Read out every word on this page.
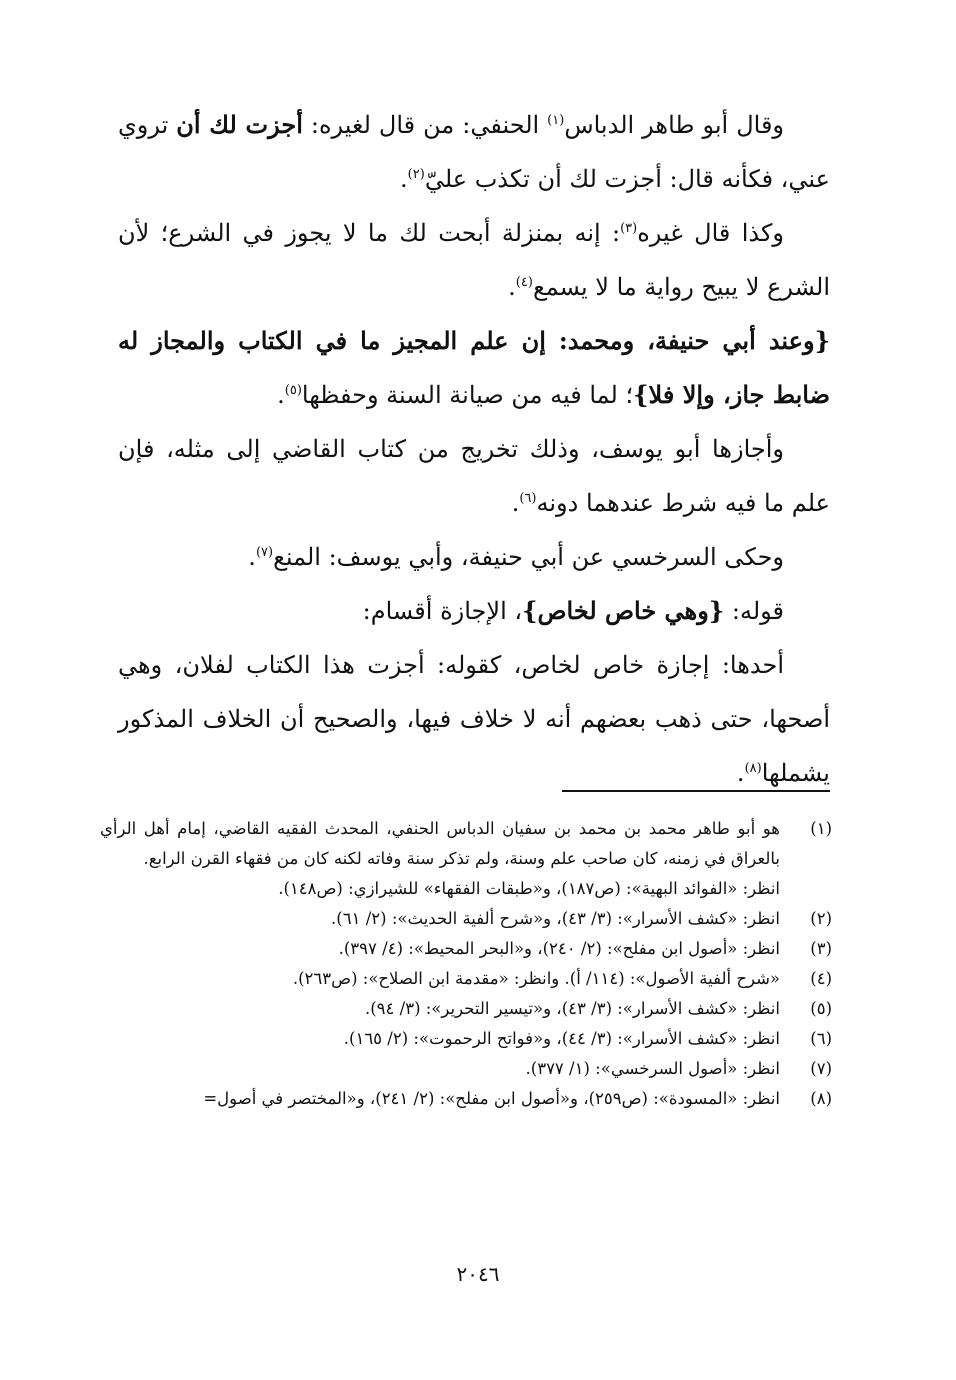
وقال أبو طاهر الدباس$^{(١)}$ الحنفي: من قال لغيره: أجزت لك أن تروي عني، فكأنه قال: أجزت لك أن تكذب عليّ$^{(٢)}$.

وكذا قال غيره$^{(٣)}$: إنه بمنزلة أبحت لك ما لا يجوز في الشرع؛ لأن الشرع لا يبيح رواية ما لا يسمع$^{(٤)}$.

{وعند أبي حنيفة، ومحمد: إن علم المجيز ما في الكتاب والمجاز له ضابط جاز، وإلا فلا}؛ لما فيه من صيانة السنة وحفظها$^{(٥)}$.

وأجازها أبو يوسف، وذلك تخريج من كتاب القاضي إلى مثله، فإن علم ما فيه شرط عندهما دونه$^{(٦)}$.

وحكى السرخسي عن أبي حنيفة، وأبي يوسف: المنع$^{(٧)}$.

قوله: {وهي خاص لخاص}، الإجازة أقسام:

أحدها: إجازة خاص لخاص، كقوله: أجزت هذا الكتاب لفلان، وهي أصحها، حتى ذهب بعضهم أنه لا خلاف فيها، والصحيح أن الخلاف المذكور يشملها$^{(٨)}$.

(١)
هو أبو طاهر محمد بن محمد بن سفيان الدباس الحنفي، المحدث الفقيه القاضي، إمام أهل الرأي بالعراق في زمنه، كان صاحب علم وسنة، ولم تذكر سنة وفاته لكنه كان من فقهاء القرن الرابع.
انظر: «الفوائد البهية»: (ص١٨٧)، و«طبقات الفقهاء» للشيرازي: (ص١٤٨).
(٢)
انظر: «كشف الأسرار»: (٣/ ٤٣)، و«شرح ألفية الحديث»: (٢/ ٦١).
(٣)
انظر: «أصول ابن مفلح»: (٢/ ٢٤٠)، و«البحر المحيط»: (٤/ ٣٩٧).
(٤)
«شرح ألفية الأصول»: (١١٤/ أ). وانظر: «مقدمة ابن الصلاح»: (ص٢٦٣).
(٥)
انظر: «كشف الأسرار»: (٣/ ٤٣)، و«تيسير التحرير»: (٣/ ٩٤).
(٦)
انظر: «كشف الأسرار»: (٣/ ٤٤)، و«فواتح الرحموت»: (٢/ ١٦٥).
(٧)
انظر: «أصول السرخسي»: (١/ ٣٧٧).
(٨)
انظر: «المسودة»: (ص٢٥٩)، و«أصول ابن مفلح»: (٢/ ٢٤١)، و«المختصر في أصول=
٢٠٤٦
